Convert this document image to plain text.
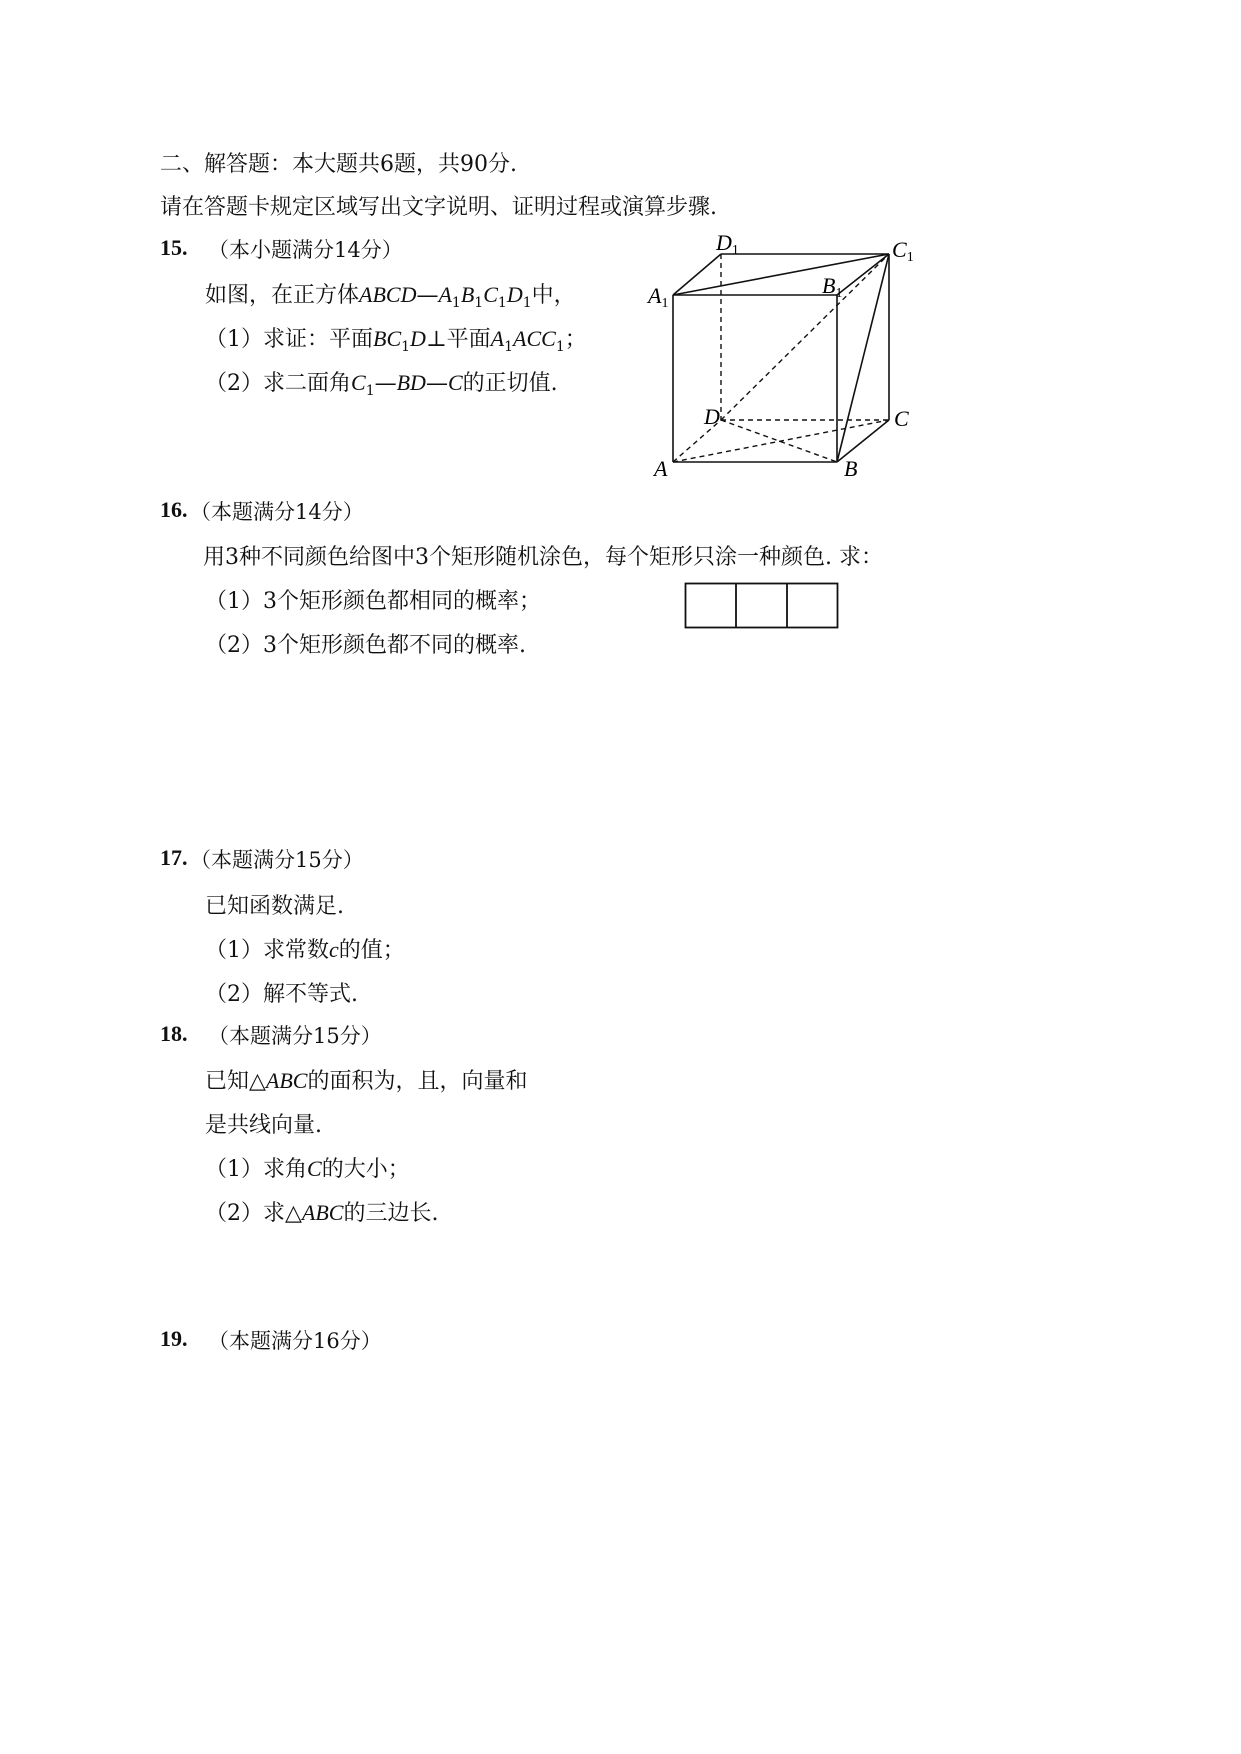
二、解答题：本大题共6题，共90分.
请在答题卡规定区域写出文字说明、证明过程或演算步骤.
15. （本小题满分14分）
如图，在正方体$ABCD—A_1B_1C_1D_1$中，
（1）求证：平面$BC_1D\perp$平面$A_1ACC_1$；
（2）求二面角$C_1—BD—C$的正切值.
D1	C1
A1
B1
D	C
A	B
16. （本题满分14分）
用3种不同颜色给图中3个矩形随机涂色，每个矩形只涂一种颜色. 求：
（1）3个矩形颜色都相同的概率；
（2）3个矩形颜色都不同的概率.
17. （本题满分15分）
已知函数满足.
（1）求常数c的值；
（2）解不等式.
18. （本题满分15分）
已知△ABC的面积为，且，向量和
是共线向量.
（1）求角C的大小；
（2）求△ABC的三边长.
19. （本题满分16分）
